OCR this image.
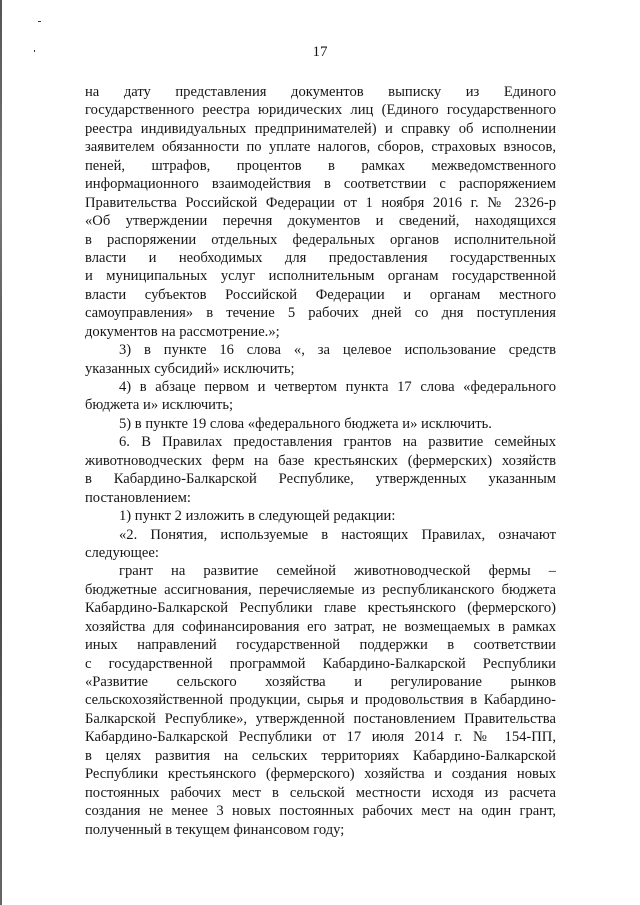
17
на дату представления документов выписку из Единого
государственного реестра юридических лиц (Единого государственного
реестра индивидуальных предпринимателей) и справку об исполнении
заявителем обязанности по уплате налогов, сборов, страховых взносов,
пеней, штрафов, процентов в рамках межведомственного
информационного взаимодействия в соответствии с распоряжением
Правительства Российской Федерации от 1 ноября 2016 г. № 2326-р
«Об утверждении перечня документов и сведений, находящихся
в распоряжении отдельных федеральных органов исполнительной
власти и необходимых для предоставления государственных
и муниципальных услуг исполнительным органам государственной
власти субъектов Российской Федерации и органам местного
самоуправления» в течение 5 рабочих дней со дня поступления
документов на рассмотрение.»;
3) в пункте 16 слова «, за целевое использование средств
указанных субсидий» исключить;
4) в абзаце первом и четвертом пункта 17 слова «федерального
бюджета и» исключить;
5) в пункте 19 слова «федерального бюджета и» исключить.
6. В Правилах предоставления грантов на развитие семейных
животноводческих ферм на базе крестьянских (фермерских) хозяйств
в Кабардино-Балкарской Республике, утвержденных указанным
постановлением:
1) пункт 2 изложить в следующей редакции:
«2. Понятия, используемые в настоящих Правилах, означают
следующее:
грант на развитие семейной животноводческой фермы –
бюджетные ассигнования, перечисляемые из республиканского бюджета
Кабардино-Балкарской Республики главе крестьянского (фермерского)
хозяйства для софинансирования его затрат, не возмещаемых в рамках
иных направлений государственной поддержки в соответствии
с государственной программой Кабардино-Балкарской Республики
«Развитие сельского хозяйства и регулирование рынков
сельскохозяйственной продукции, сырья и продовольствия в Кабардино-
Балкарской Республике», утвержденной постановлением Правительства
Кабардино-Балкарской Республики от 17 июля 2014 г. № 154-ПП,
в целях развития на сельских территориях Кабардино-Балкарской
Республики крестьянского (фермерского) хозяйства и создания новых
постоянных рабочих мест в сельской местности исходя из расчета
создания не менее 3 новых постоянных рабочих мест на один грант,
полученный в текущем финансовом году;
